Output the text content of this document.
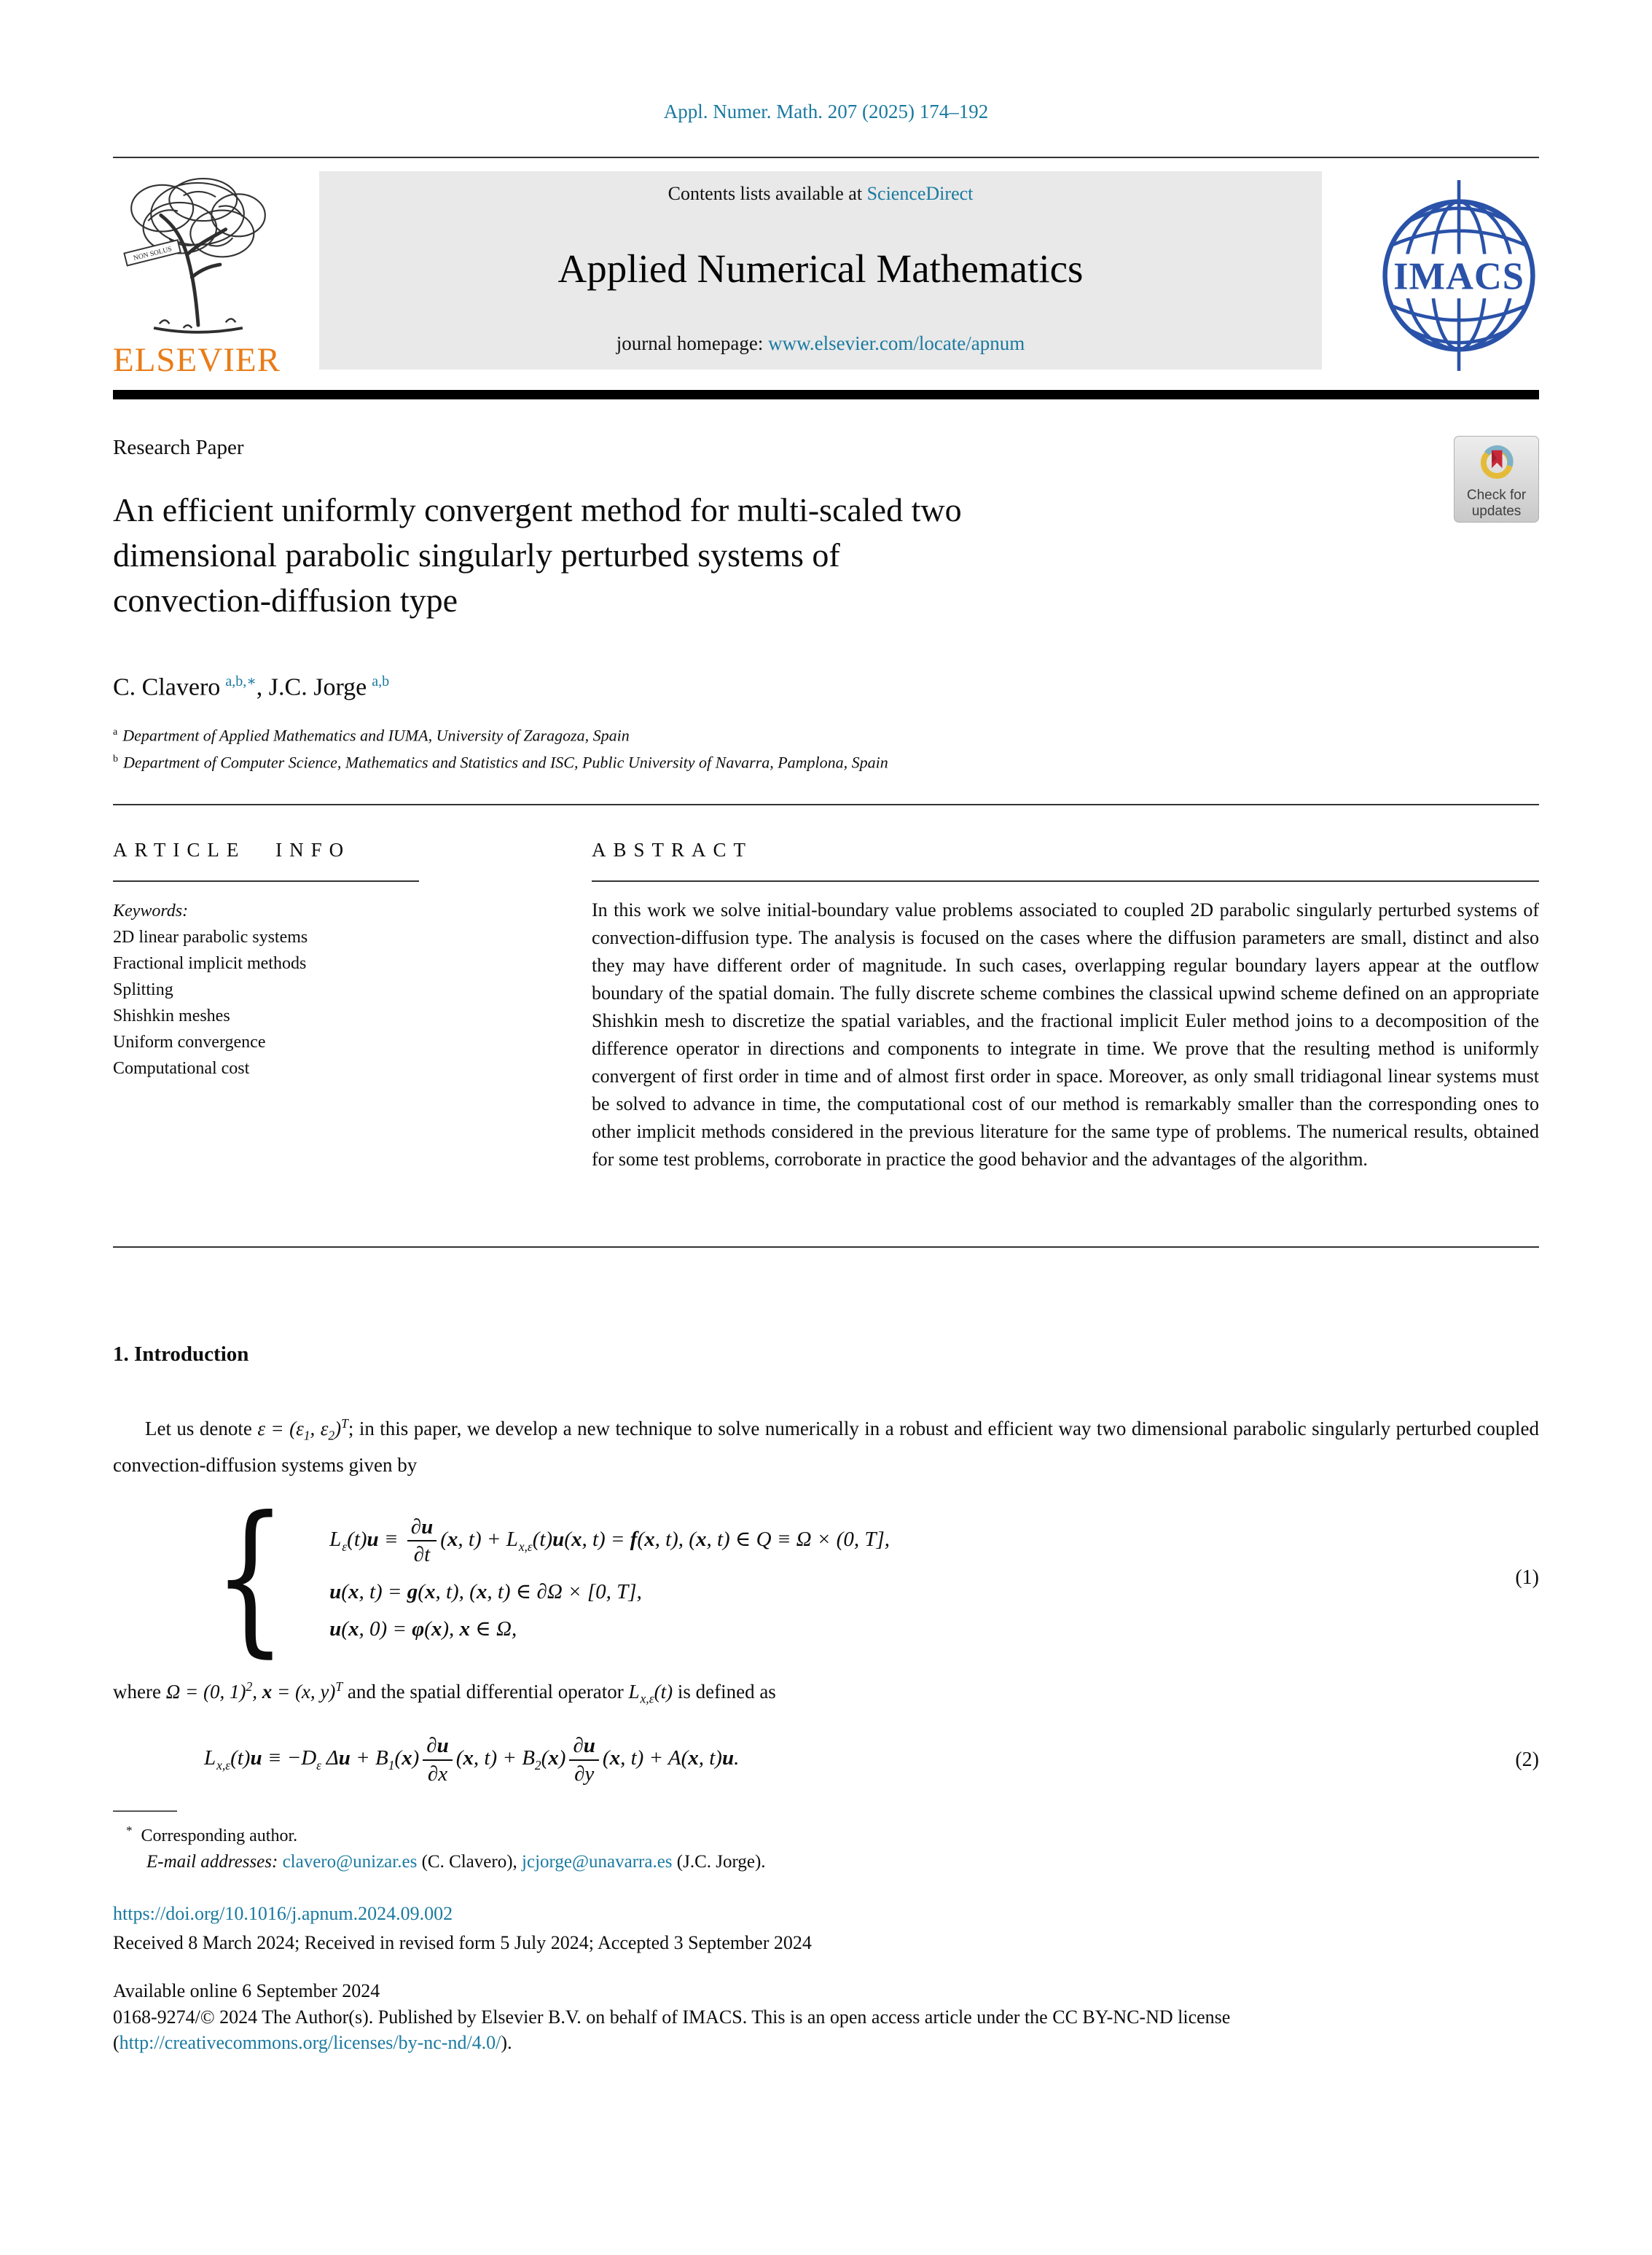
Appl. Numer. Math. 207 (2025) 174–192
NON SOLUS
ELSEVIER
Contents lists available at ScienceDirect
Applied Numerical Mathematics
journal homepage: www.elsevier.com/locate/apnum
IMACS
Research Paper
An efficient uniformly convergent method for multi-scaled two
dimensional parabolic singularly perturbed systems of
convection-diffusion type
Check for
updates
C. Clavero $^{a,b,∗}$, J.C. Jorge $^{a,b}$
$^a$ Department of Applied Mathematics and IUMA, University of Zaragoza, Spain
$^b$ Department of Computer Science, Mathematics and Statistics and ISC, Public University of Navarra, Pamplona, Spain
ARTICLE INFO
Keywords:
2D linear parabolic systems
Fractional implicit methods
Splitting
Shishkin meshes
Uniform convergence
Computational cost
ABSTRACT

In this work we solve initial-boundary value problems associated to coupled 2D parabolic singularly perturbed systems of convection-diffusion type. The analysis is focused on the cases where the diffusion parameters are small, distinct and also they may have different order of magnitude. In such cases, overlapping regular boundary layers appear at the outflow boundary of the spatial domain. The fully discrete scheme combines the classical upwind scheme defined on an appropriate Shishkin mesh to discretize the spatial variables, and the fractional implicit Euler method joins to a decomposition of the difference operator in directions and components to integrate in time. We prove that the resulting method is uniformly convergent of first order in time and of almost first order in space. Moreover, as only small tridiagonal linear systems must be solved to advance in time, the computational cost of our method is remarkably smaller than the corresponding ones to other implicit methods considered in the previous literature for the same type of problems. The numerical results, obtained for some test problems, corroborate in practice the good behavior and the advantages of the algorithm.

1. Introduction

Let us denote $\varepsilon = (\varepsilon_1$, $\varepsilon_2)^T$; in this paper, we develop a new technique to solve numerically in a robust and efficient way two dimensional parabolic singularly perturbed coupled convection-diffusion systems given by

{ $L_\varepsilon(t)u \equiv \frac{\partial u}{\partial t} (x$, $t) + L_{x,\varepsilon}(t)u(x$, t) = f(x, t), (x, t) ∈ Q ≡ Ω × (0, T],
u(x, t) = g(x, t), (x, t) ∈ ∂Ω × [0, T],
u(x, 0) = φ(x), x ∈ Ω,
(1)

where Ω = (0, 1)$^2$, x = (x, y)$^T$ and the spatial differential operator $L_{x,\varepsilon}(t)$ is defined as

$L_{x,\varepsilon}(t)u \equiv -D_\varepsilon$ $\Delta u + B_1(x) \frac{\partial u}{\partial x} (x$, $t) + B_2(x) \frac{\partial u}{\partial y} (x$, t) + A(x, t)u.	(2)
* Corresponding author.
E-mail addresses: clavero@unizar.es (C. Clavero), jcjorge@unavarra.es (J.C. Jorge).
https://doi.org/10.1016/j.apnum.2024.09.002
Received 8 March 2024; Received in revised form 5 July 2024; Accepted 3 September 2024
Available online 6 September 2024
0168-9274/© 2024 The Author(s). Published by Elsevier B.V. on behalf of IMACS. This is an open access article under the CC BY-NC-ND license
(http://creativecommons.org/licenses/by-nc-nd/4.0/).
